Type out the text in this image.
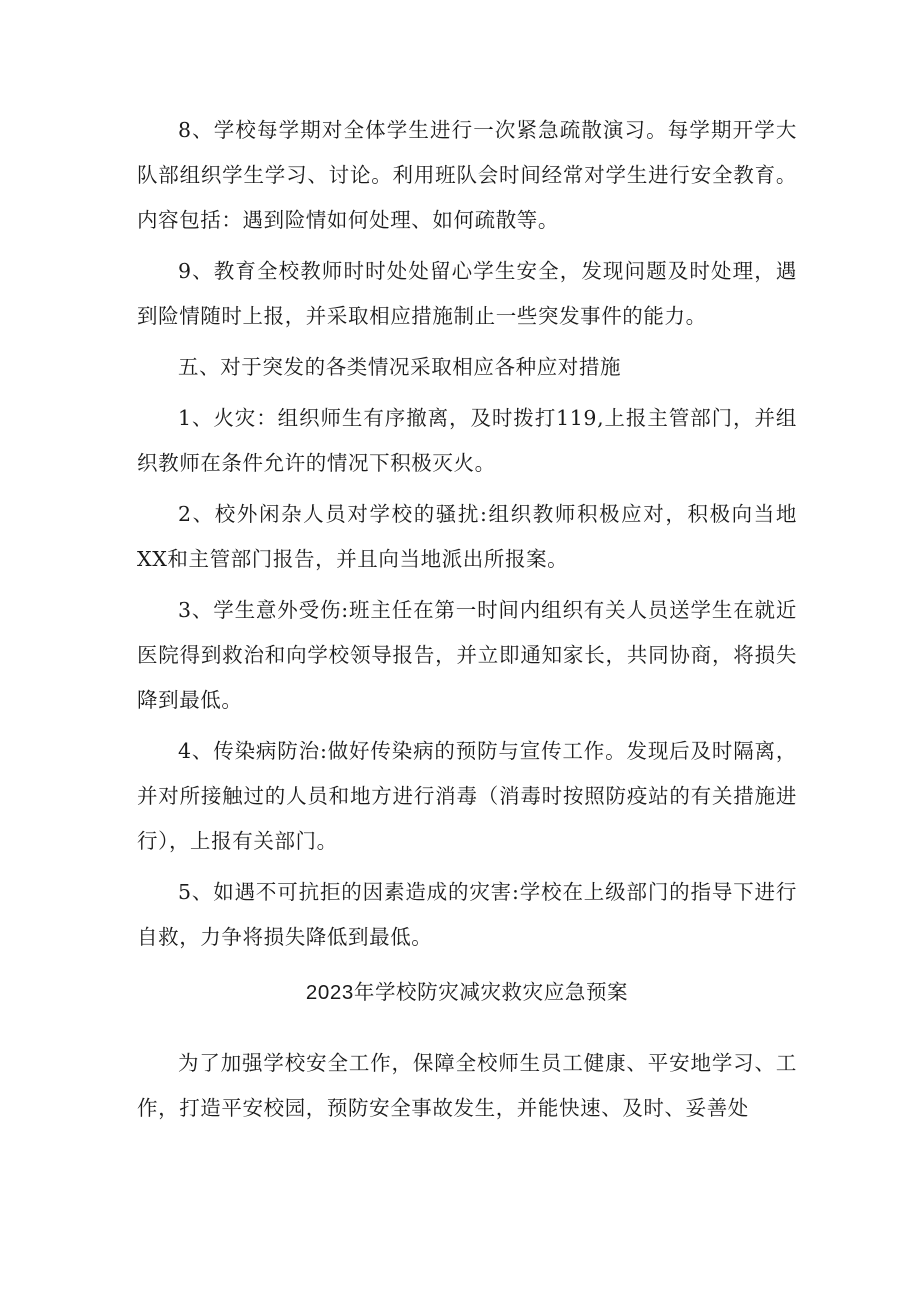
8、学校每学期对全体学生进行一次紧急疏散演习。每学期开学大队部组织学生学习、讨论。利用班队会时间经常对学生进行安全教育。内容包括：遇到险情如何处理、如何疏散等。

9、教育全校教师时时处处留心学生安全，发现问题及时处理，遇到险情随时上报，并采取相应措施制止一些突发事件的能力。

五、对于突发的各类情况采取相应各种应对措施

1、火灾：组织师生有序撤离，及时拨打119,上报主管部门，并组织教师在条件允许的情况下积极灭火。

2、校外闲杂人员对学校的骚扰:组织教师积极应对，积极向当地XX和主管部门报告，并且向当地派出所报案。

3、学生意外受伤:班主任在第一时间内组织有关人员送学生在就近医院得到救治和向学校领导报告，并立即通知家长，共同协商，将损失降到最低。

4、传染病防治:做好传染病的预防与宣传工作。发现后及时隔离，并对所接触过的人员和地方进行消毒（消毒时按照防疫站的有关措施进行），上报有关部门。

5、如遇不可抗拒的因素造成的灾害:学校在上级部门的指导下进行自救，力争将损失降低到最低。

2023年学校防灾减灾救灾应急预案

为了加强学校安全工作，保障全校师生员工健康、平安地学习、工作，打造平安校园，预防安全事故发生，并能快速、及时、妥善处
